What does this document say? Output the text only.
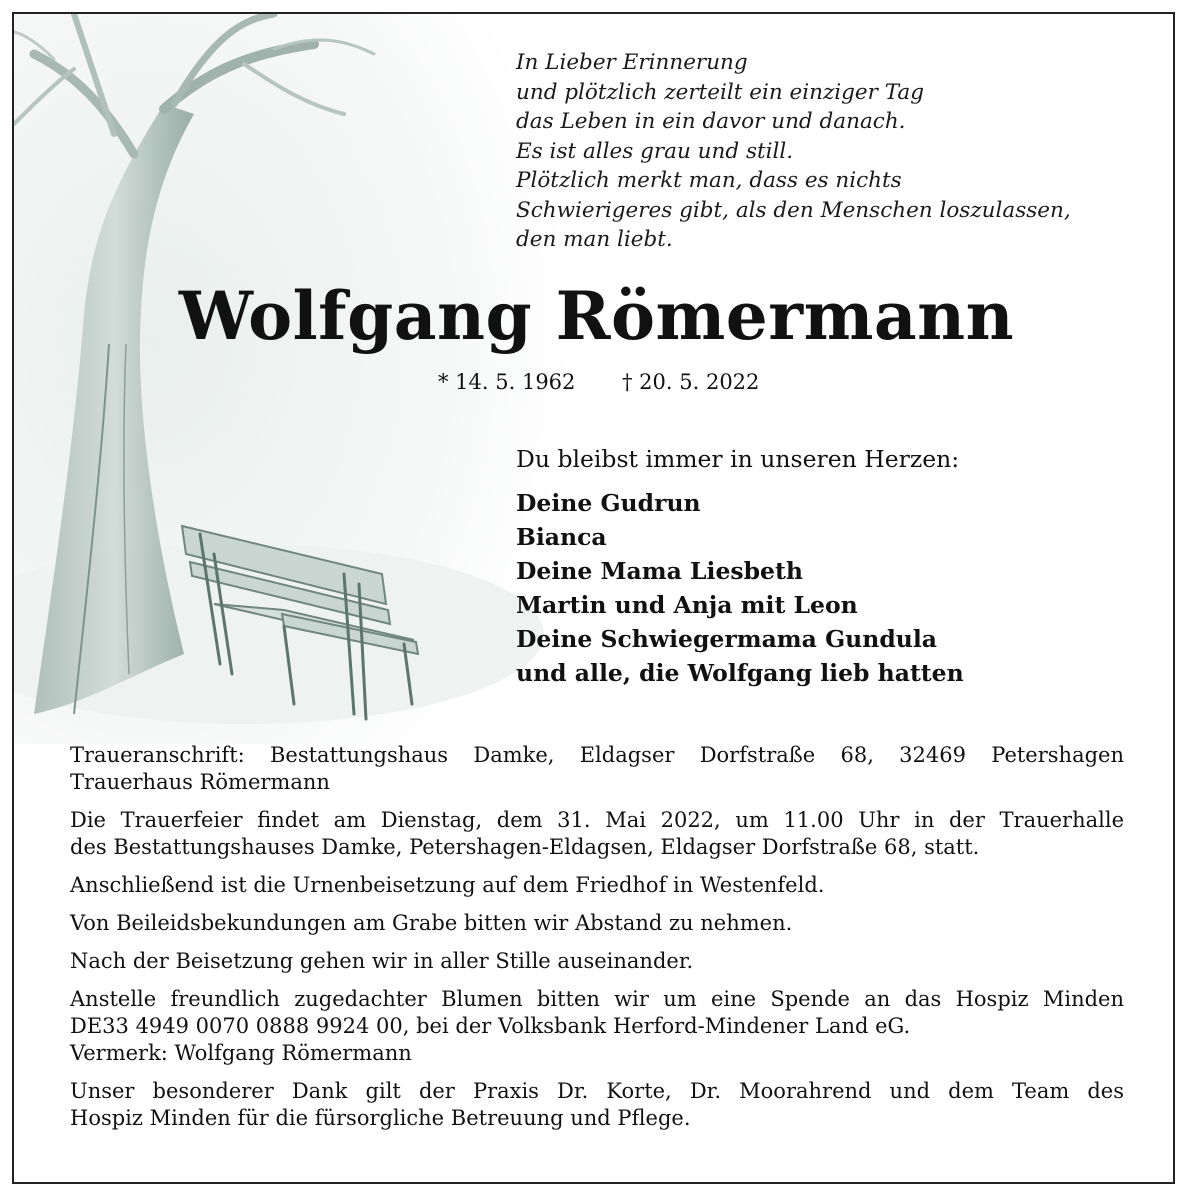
In Lieber Erinnerung
und plötzlich zerteilt ein einziger Tag
das Leben in ein davor und danach.
Es ist alles grau und still.
Plötzlich merkt man, dass es nichts
Schwierigeres gibt, als den Menschen loszulassen,
den man liebt.
Wolfgang Römermann
* 14. 5. 1962 † 20. 5. 2022
Du bleibst immer in unseren Herzen:
Deine Gudrun
Bianca
Deine Mama Liesbeth
Martin und Anja mit Leon
Deine Schwiegermama Gundula
und alle, die Wolfgang lieb hatten
Traueranschrift: Bestattungshaus Damke, Eldagser Dorfstraße 68, 32469 Petershagen
Trauerhaus Römermann
Die Trauerfeier findet am Dienstag, dem 31. Mai 2022, um 11.00 Uhr in der Trauerhalle
des Bestattungshauses Damke, Petershagen-Eldagsen, Eldagser Dorfstraße 68, statt.
Anschließend ist die Urnenbeisetzung auf dem Friedhof in Westenfeld.
Von Beileidsbekundungen am Grabe bitten wir Abstand zu nehmen.
Nach der Beisetzung gehen wir in aller Stille auseinander.
Anstelle freundlich zugedachter Blumen bitten wir um eine Spende an das Hospiz Minden
DE33 4949 0070 0888 9924 00, bei der Volksbank Herford-Mindener Land eG.
Vermerk: Wolfgang Römermann
Unser besonderer Dank gilt der Praxis Dr. Korte, Dr. Moorahrend und dem Team des
Hospiz Minden für die fürsorgliche Betreuung und Pflege.
